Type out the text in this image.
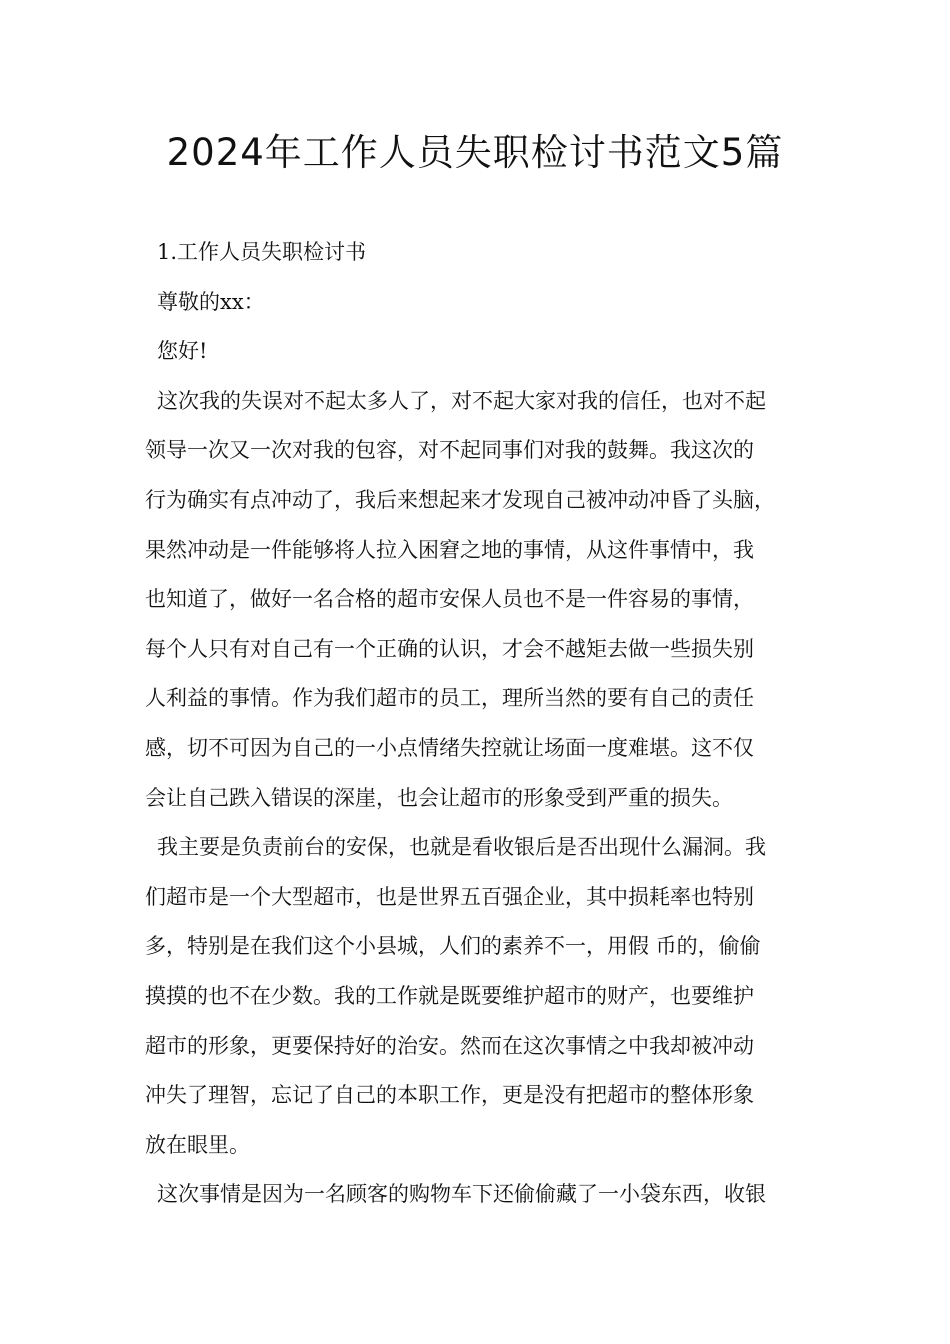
2024年工作人员失职检讨书范文5篇
1.工作人员失职检讨书
尊敬的xx：
您好!
这次我的失误对不起太多人了，对不起大家对我的信任，也对不起
领导一次又一次对我的包容，对不起同事们对我的鼓舞。我这次的
行为确实有点冲动了，我后来想起来才发现自己被冲动冲昏了头脑，
果然冲动是一件能够将人拉入困窘之地的事情，从这件事情中，我
也知道了，做好一名合格的超市安保人员也不是一件容易的事情，
每个人只有对自己有一个正确的认识，才会不越矩去做一些损失别
人利益的事情。作为我们超市的员工，理所当然的要有自己的责任
感，切不可因为自己的一小点情绪失控就让场面一度难堪。这不仅
会让自己跌入错误的深崖，也会让超市的形象受到严重的损失。
我主要是负责前台的安保，也就是看收银后是否出现什么漏洞。我
们超市是一个大型超市，也是世界五百强企业，其中损耗率也特别
多，特别是在我们这个小县城，人们的素养不一，用假 币的，偷偷
摸摸的也不在少数。我的工作就是既要维护超市的财产，也要维护
超市的形象，更要保持好的治安。然而在这次事情之中我却被冲动
冲失了理智，忘记了自己的本职工作，更是没有把超市的整体形象
放在眼里。
这次事情是因为一名顾客的购物车下还偷偷藏了一小袋东西，收银
